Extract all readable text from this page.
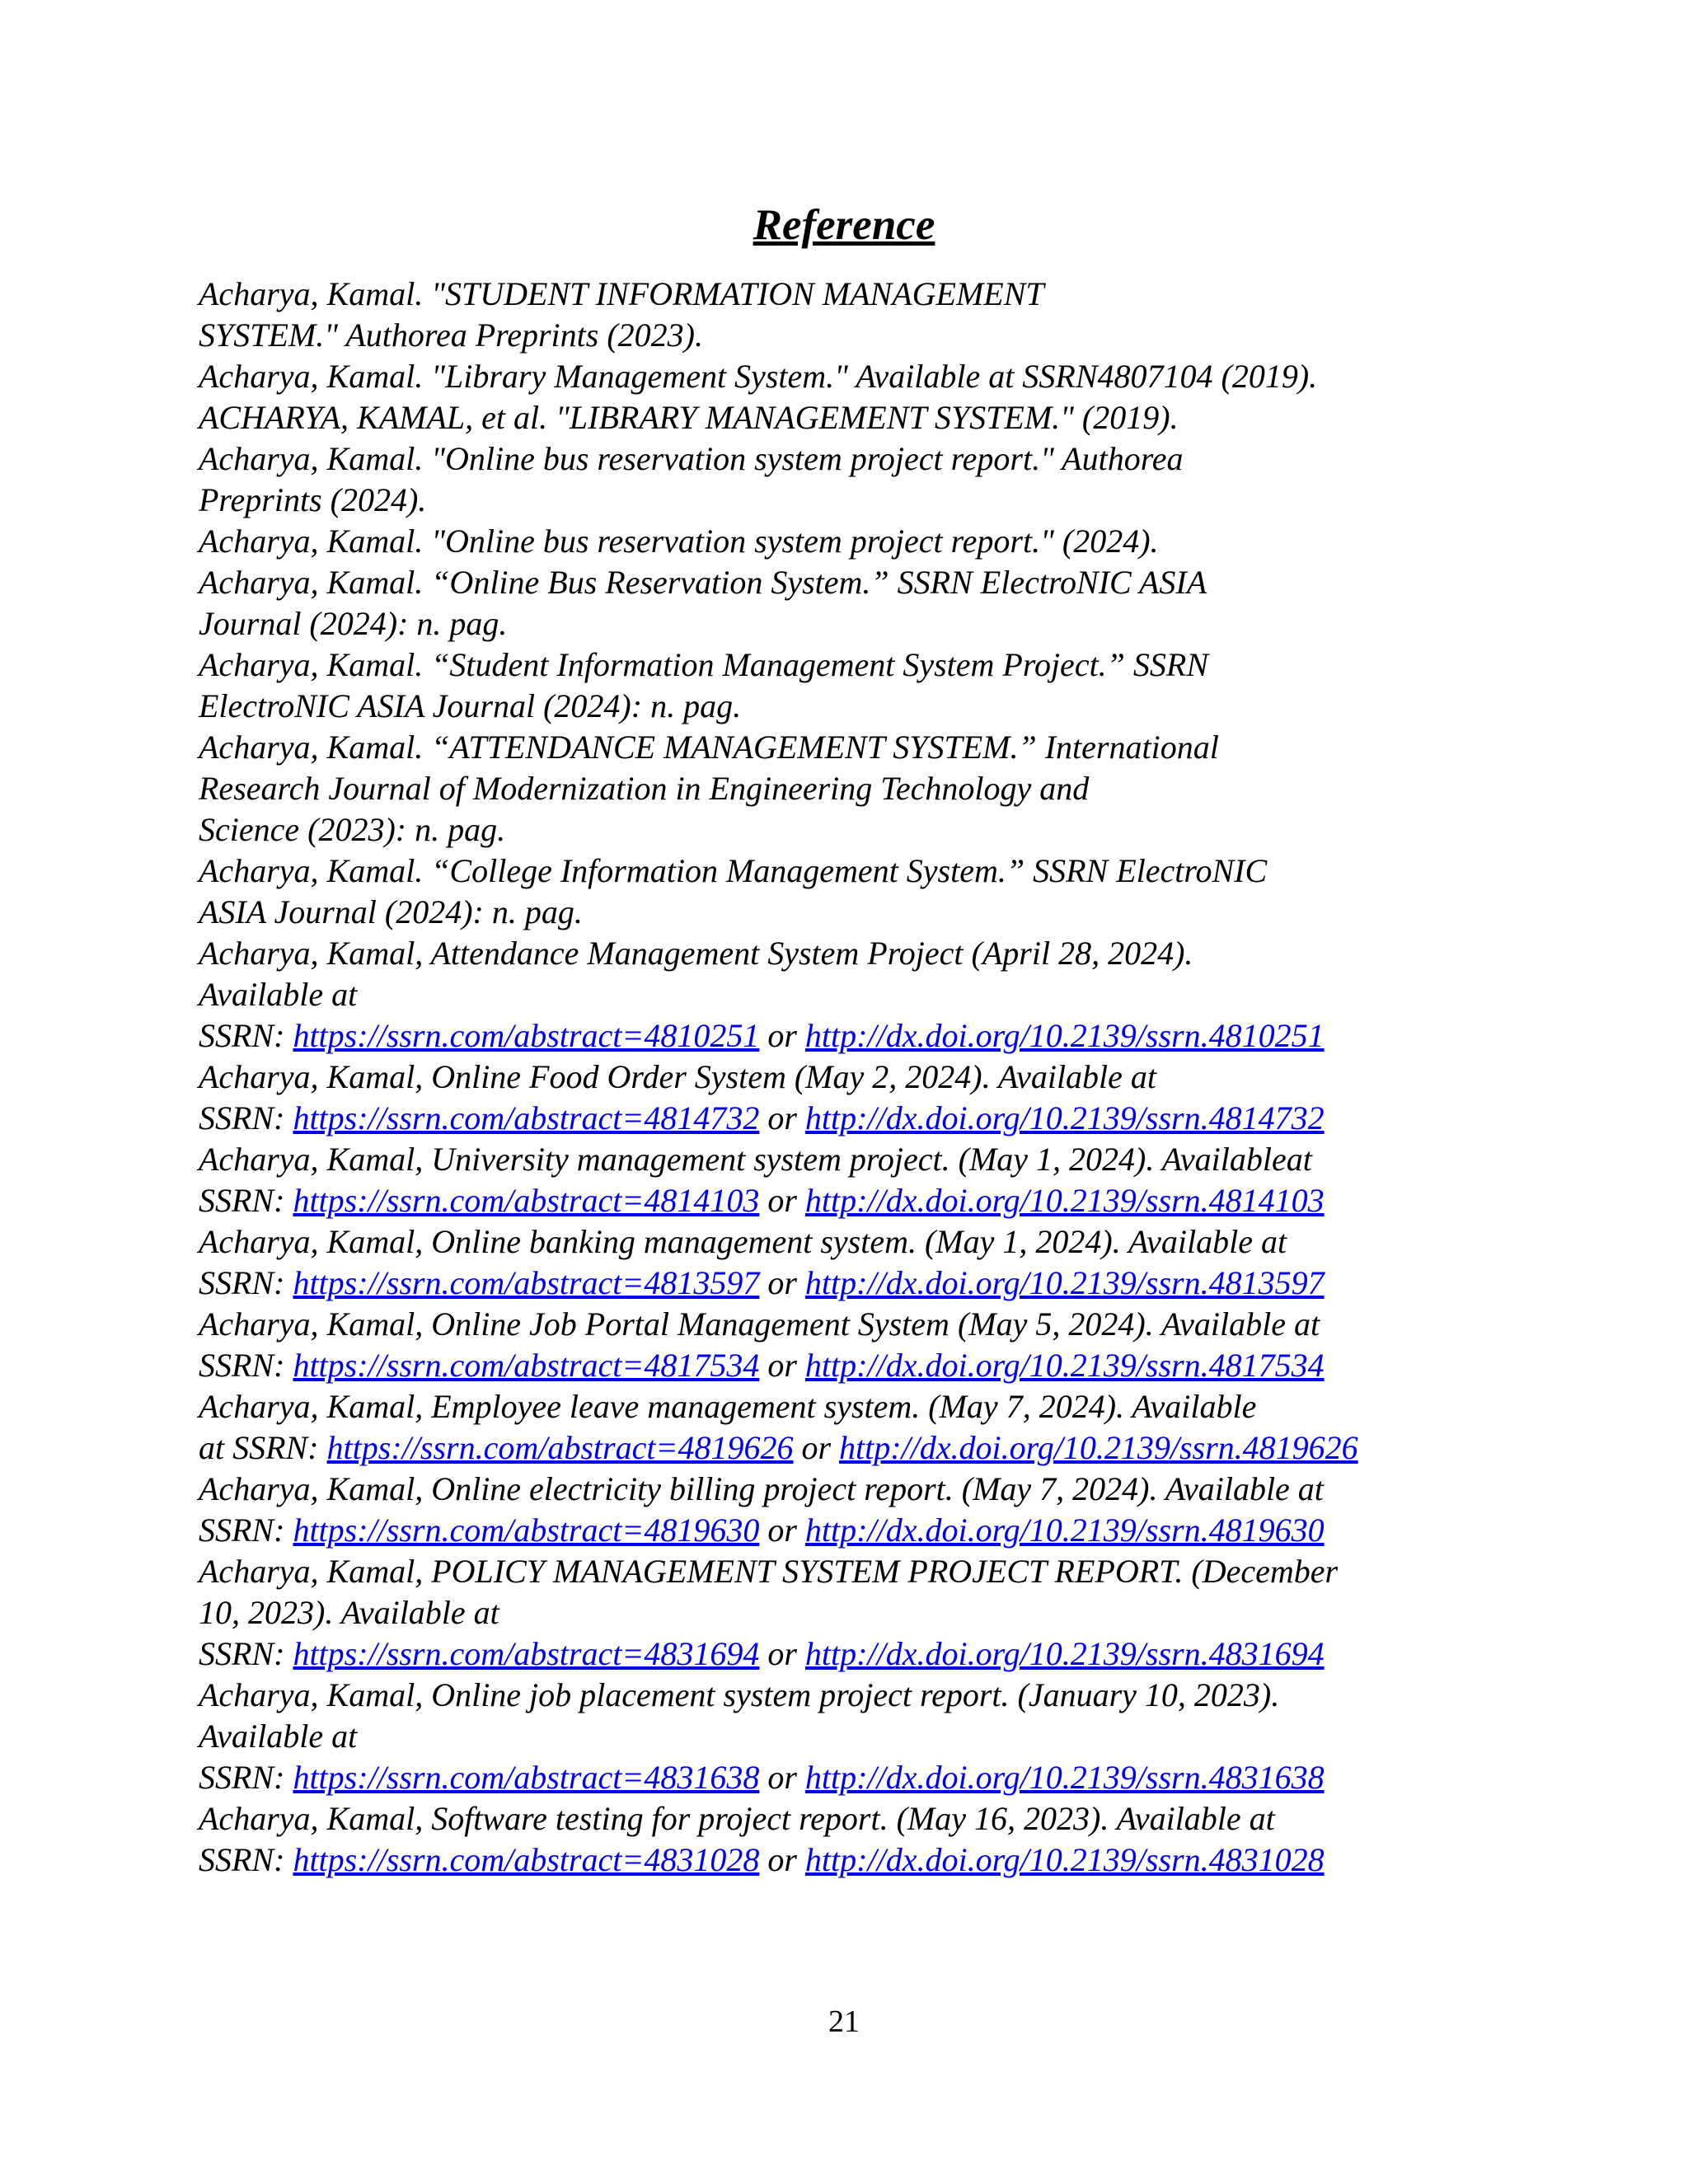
Reference
Acharya, Kamal. "STUDENT INFORMATION MANAGEMENT
SYSTEM." Authorea Preprints (2023).
Acharya, Kamal. "Library Management System." Available at SSRN4807104 (2019).
ACHARYA, KAMAL, et al. "LIBRARY MANAGEMENT SYSTEM." (2019).
Acharya, Kamal. "Online bus reservation system project report." Authorea
Preprints (2024).
Acharya, Kamal. "Online bus reservation system project report." (2024).
Acharya, Kamal. “Online Bus Reservation System.” SSRN ElectroNIC ASIA
Journal (2024): n. pag.
Acharya, Kamal. “Student Information Management System Project.” SSRN
ElectroNIC ASIA Journal (2024): n. pag.
Acharya, Kamal. “ATTENDANCE MANAGEMENT SYSTEM.” International
Research Journal of Modernization in Engineering Technology and
Science (2023): n. pag.
Acharya, Kamal. “College Information Management System.” SSRN ElectroNIC
ASIA Journal (2024): n. pag.
Acharya, Kamal, Attendance Management System Project (April 28, 2024).
Available at
SSRN: https://ssrn.com/abstract=4810251 or http://dx.doi.org/10.2139/ssrn.4810251
Acharya, Kamal, Online Food Order System (May 2, 2024). Available at
SSRN: https://ssrn.com/abstract=4814732 or http://dx.doi.org/10.2139/ssrn.4814732
Acharya, Kamal, University management system project. (May 1, 2024). Availableat
SSRN: https://ssrn.com/abstract=4814103 or http://dx.doi.org/10.2139/ssrn.4814103
Acharya, Kamal, Online banking management system. (May 1, 2024). Available at
SSRN: https://ssrn.com/abstract=4813597 or http://dx.doi.org/10.2139/ssrn.4813597
Acharya, Kamal, Online Job Portal Management System (May 5, 2024). Available at
SSRN: https://ssrn.com/abstract=4817534 or http://dx.doi.org/10.2139/ssrn.4817534
Acharya, Kamal, Employee leave management system. (May 7, 2024). Available
at SSRN: https://ssrn.com/abstract=4819626 or http://dx.doi.org/10.2139/ssrn.4819626
Acharya, Kamal, Online electricity billing project report. (May 7, 2024). Available at
SSRN: https://ssrn.com/abstract=4819630 or http://dx.doi.org/10.2139/ssrn.4819630
Acharya, Kamal, POLICY MANAGEMENT SYSTEM PROJECT REPORT. (December
10, 2023). Available at
SSRN: https://ssrn.com/abstract=4831694 or http://dx.doi.org/10.2139/ssrn.4831694
Acharya, Kamal, Online job placement system project report. (January 10, 2023).
Available at
SSRN: https://ssrn.com/abstract=4831638 or http://dx.doi.org/10.2139/ssrn.4831638
Acharya, Kamal, Software testing for project report. (May 16, 2023). Available at
SSRN: https://ssrn.com/abstract=4831028 or http://dx.doi.org/10.2139/ssrn.4831028
21
